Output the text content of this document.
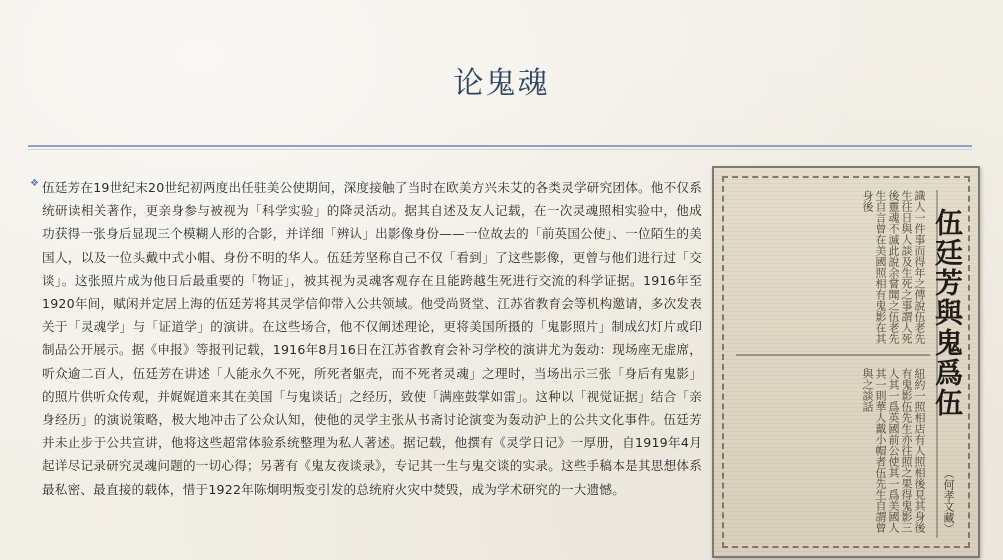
论鬼魂
❖ 伍廷芳在19世纪末20世纪初两度出任驻美公使期间，深度接触了当时在欧美方兴未艾的各类灵学研究团体。他不仅系统研读相关著作，更亲身参与被视为「科学实验」的降灵活动。据其自述及友人记载，在一次灵魂照相实验中，他成功获得一张身后显现三个模糊人形的合影，并详细「辨认」出影像身份——一位故去的「前英国公使」、一位陌生的美国人，以及一位头戴中式小帽、身份不明的华人。伍廷芳坚称自己不仅「看到」了这些影像，更曾与他们进行过「交谈」。这张照片成为他日后最重要的「物证」，被其视为灵魂客观存在且能跨越生死进行交流的科学证据。1916年至1920年间，赋闲并定居上海的伍廷芳将其灵学信仰带入公共领域。他受尚贤堂、江苏省教育会等机构邀请，多次发表关于「灵魂学」与「证道学」的演讲。在这些场合，他不仅阐述理论，更将美国所摄的「鬼影照片」制成幻灯片或印制品公开展示。据《申报》等报刊记载，1916年8月16日在江苏省教育会补习学校的演讲尤为轰动：现场座无虚席，听众逾二百人，伍廷芳在讲述「人能永久不死，所死者躯壳，而不死者灵魂」之理时，当场出示三张「身后有鬼影」的照片供听众传观，并娓娓道来其在美国「与鬼谈话」之经历，致使「满座鼓掌如雷」。这种以「视觉证据」结合「亲身经历」的演说策略，极大地冲击了公众认知，使他的灵学主张从书斋讨论演变为轰动沪上的公共文化事件。伍廷芳并未止步于公共宣讲，他将这些超常体验系统整理为私人著述。据记载，他撰有《灵学日记》一厚册，自1919年4月起详尽记录研究灵魂问题的一切心得；另著有《鬼友夜谈录》，专记其一生与鬼交谈的实录。这些手稿本是其思想体系最私密、最直接的载体，惜于1922年陈炯明叛变引发的总统府火灾中焚毁，成为学术研究的一大遗憾。

識人一件事而得年之傳說伍老先生往日與人談及生死之事謂人死後靈魂不滅此說余嘗聞之伍老先生自言曾在美國照相有鬼影在其身後
紐約一照相店有人照相後見其身後有鬼影伍先生亦往照之果得鬼影三人其一爲英國前公使其一爲美國人其一則華人戴小帽者伍先生自謂曾與之談話	伍廷芳與鬼爲伍
（何孝文藏）
